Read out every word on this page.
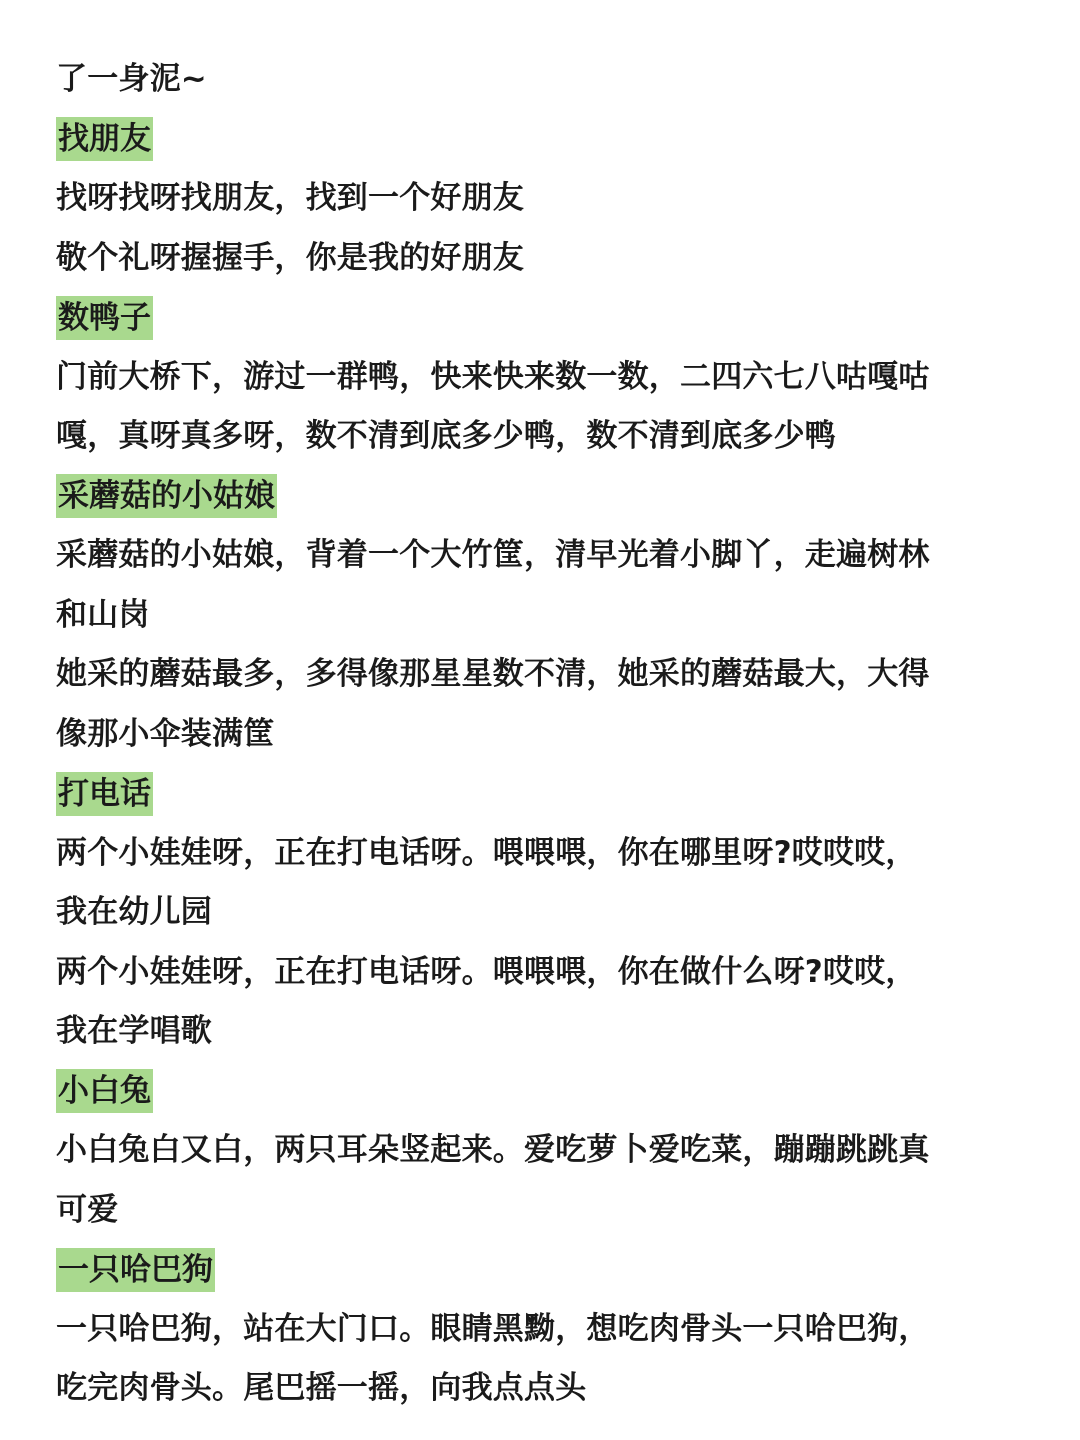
了一身泥~
找朋友
找呀找呀找朋友，找到一个好朋友
敬个礼呀握握手，你是我的好朋友
数鸭子
门前大桥下，游过一群鸭，快来快来数一数，二四六七八咕嘎咕
嘎，真呀真多呀，数不清到底多少鸭，数不清到底多少鸭
采蘑菇的小姑娘
采蘑菇的小姑娘，背着一个大竹筐，清早光着小脚丫，走遍树林
和山岗
她采的蘑菇最多，多得像那星星数不清，她采的蘑菇最大，大得
像那小伞装满筐
打电话
两个小娃娃呀，正在打电话呀。喂喂喂，你在哪里呀?哎哎哎，
我在幼儿园
两个小娃娃呀，正在打电话呀。喂喂喂，你在做什么呀?哎哎，
我在学唱歌
小白兔
小白兔白又白，两只耳朵竖起来。爱吃萝卜爱吃菜，蹦蹦跳跳真
可爱
一只哈巴狗
一只哈巴狗，站在大门口。眼睛黑黝，想吃肉骨头一只哈巴狗，
吃完肉骨头。尾巴摇一摇，向我点点头
